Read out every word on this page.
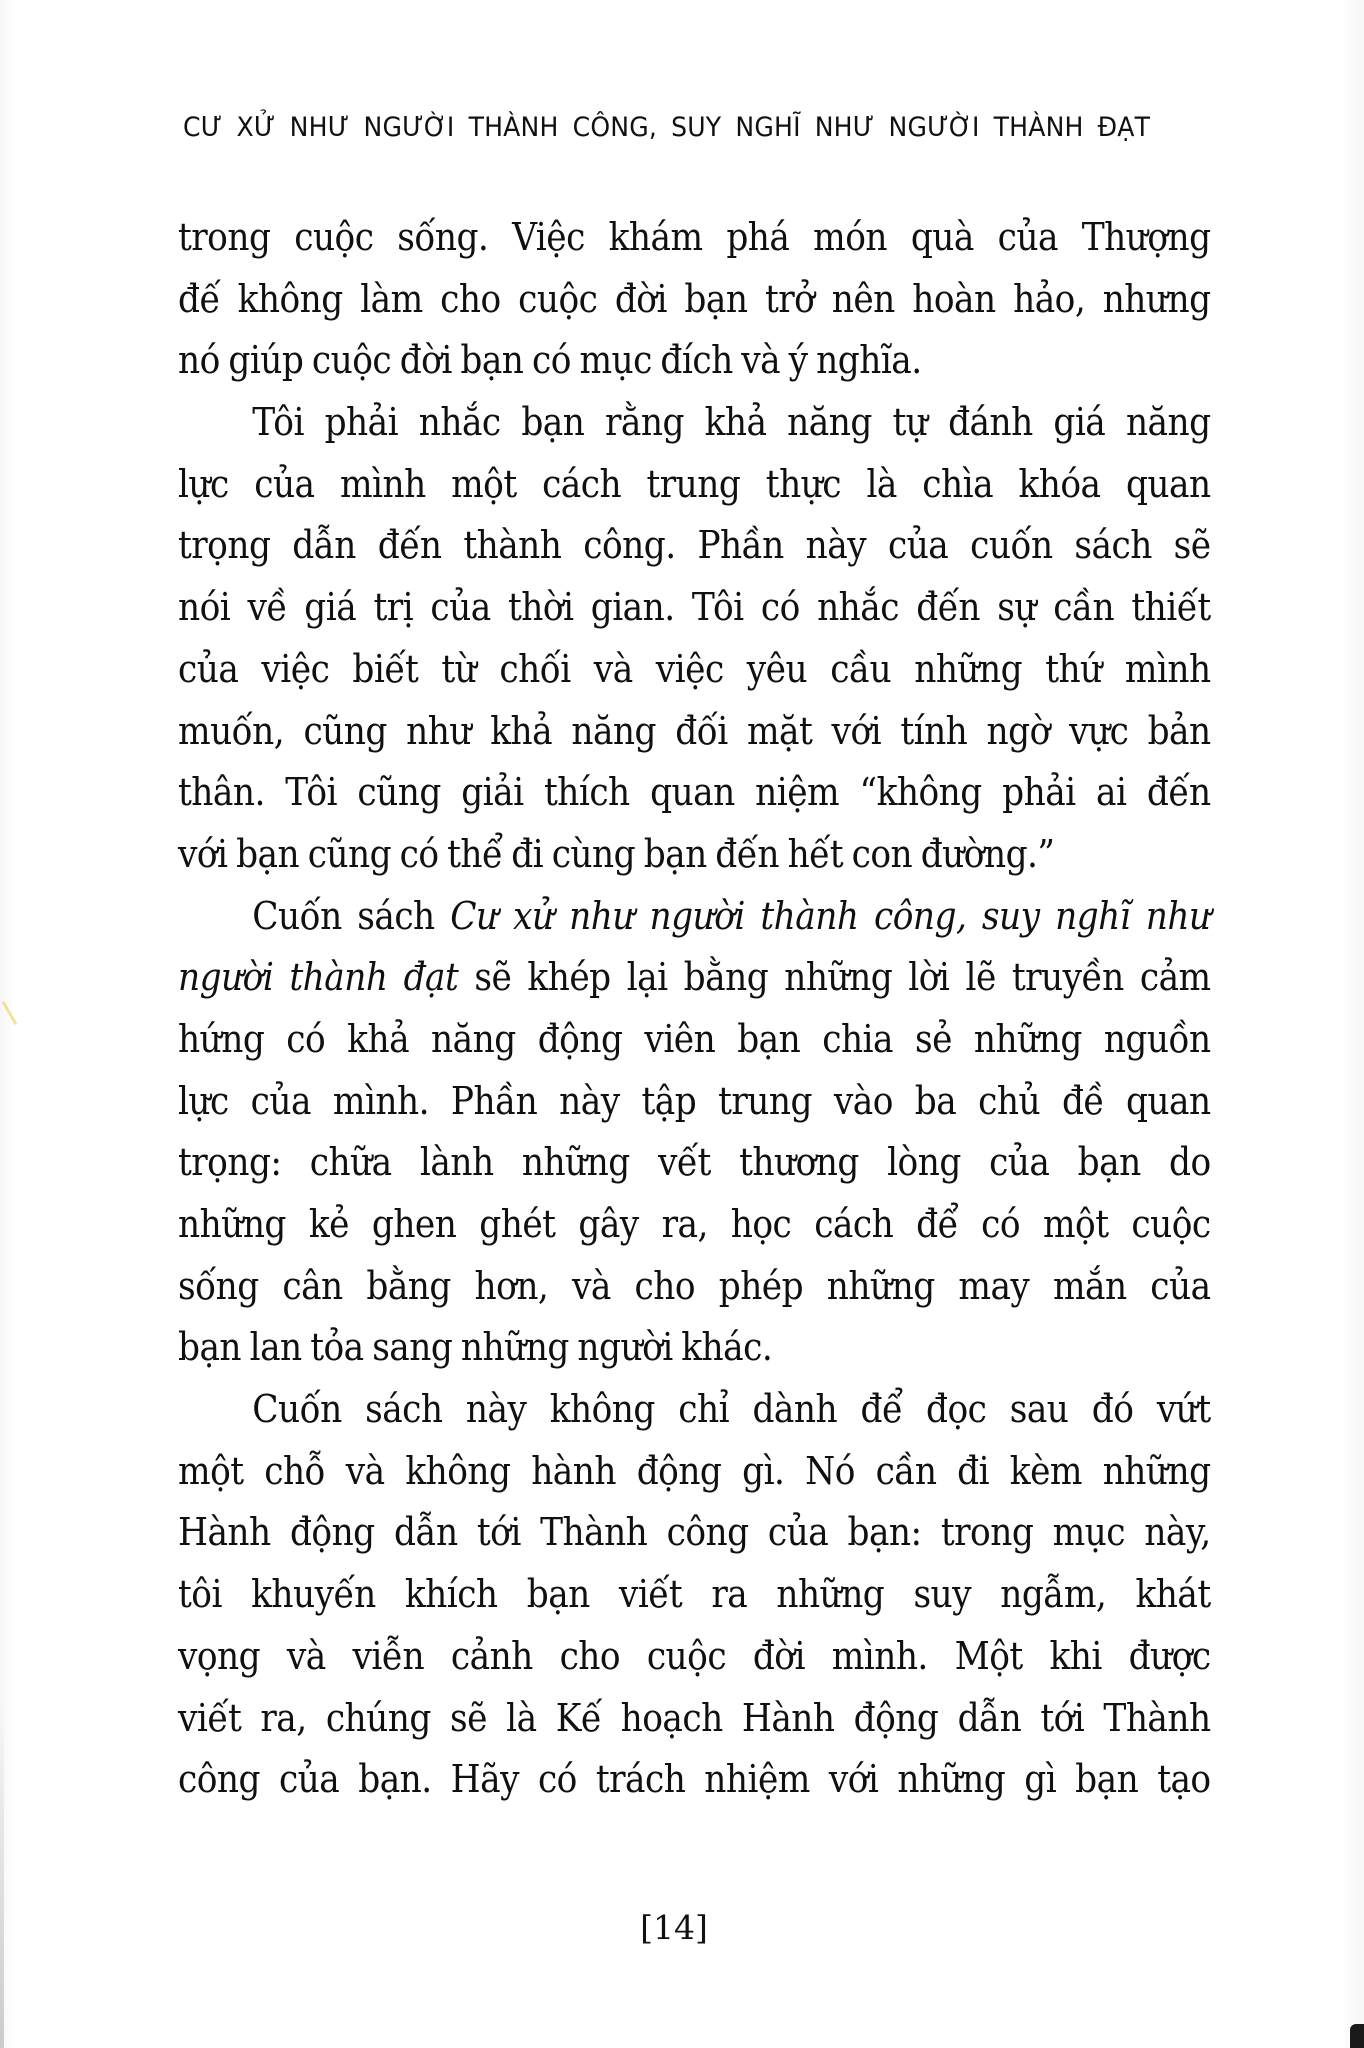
CƯ XỬ NHƯ NGƯỜI THÀNH CÔNG, SUY NGHĨ NHƯ NGƯỜI THÀNH ĐẠT
trong cuộc sống. Việc khám phá món quà của Thượng
đế không làm cho cuộc đời bạn trở nên hoàn hảo, nhưng
nó giúp cuộc đời bạn có mục đích và ý nghĩa.
Tôi phải nhắc bạn rằng khả năng tự đánh giá năng
lực của mình một cách trung thực là chìa khóa quan
trọng dẫn đến thành công. Phần này của cuốn sách sẽ
nói về giá trị của thời gian. Tôi có nhắc đến sự cần thiết
của việc biết từ chối và việc yêu cầu những thứ mình
muốn, cũng như khả năng đối mặt với tính ngờ vực bản
thân. Tôi cũng giải thích quan niệm “không phải ai đến
với bạn cũng có thể đi cùng bạn đến hết con đường.”
Cuốn sách Cư xử như người thành công, suy nghĩ như
người thành đạt sẽ khép lại bằng những lời lẽ truyền cảm
hứng có khả năng động viên bạn chia sẻ những nguồn
lực của mình. Phần này tập trung vào ba chủ đề quan
trọng: chữa lành những vết thương lòng của bạn do
những kẻ ghen ghét gây ra, học cách để có một cuộc
sống cân bằng hơn, và cho phép những may mắn của
bạn lan tỏa sang những người khác.
Cuốn sách này không chỉ dành để đọc sau đó vứt
một chỗ và không hành động gì. Nó cần đi kèm những
Hành động dẫn tới Thành công của bạn: trong mục này,
tôi khuyến khích bạn viết ra những suy ngẫm, khát
vọng và viễn cảnh cho cuộc đời mình. Một khi được
viết ra, chúng sẽ là Kế hoạch Hành động dẫn tới Thành
công của bạn. Hãy có trách nhiệm với những gì bạn tạo
[14]
